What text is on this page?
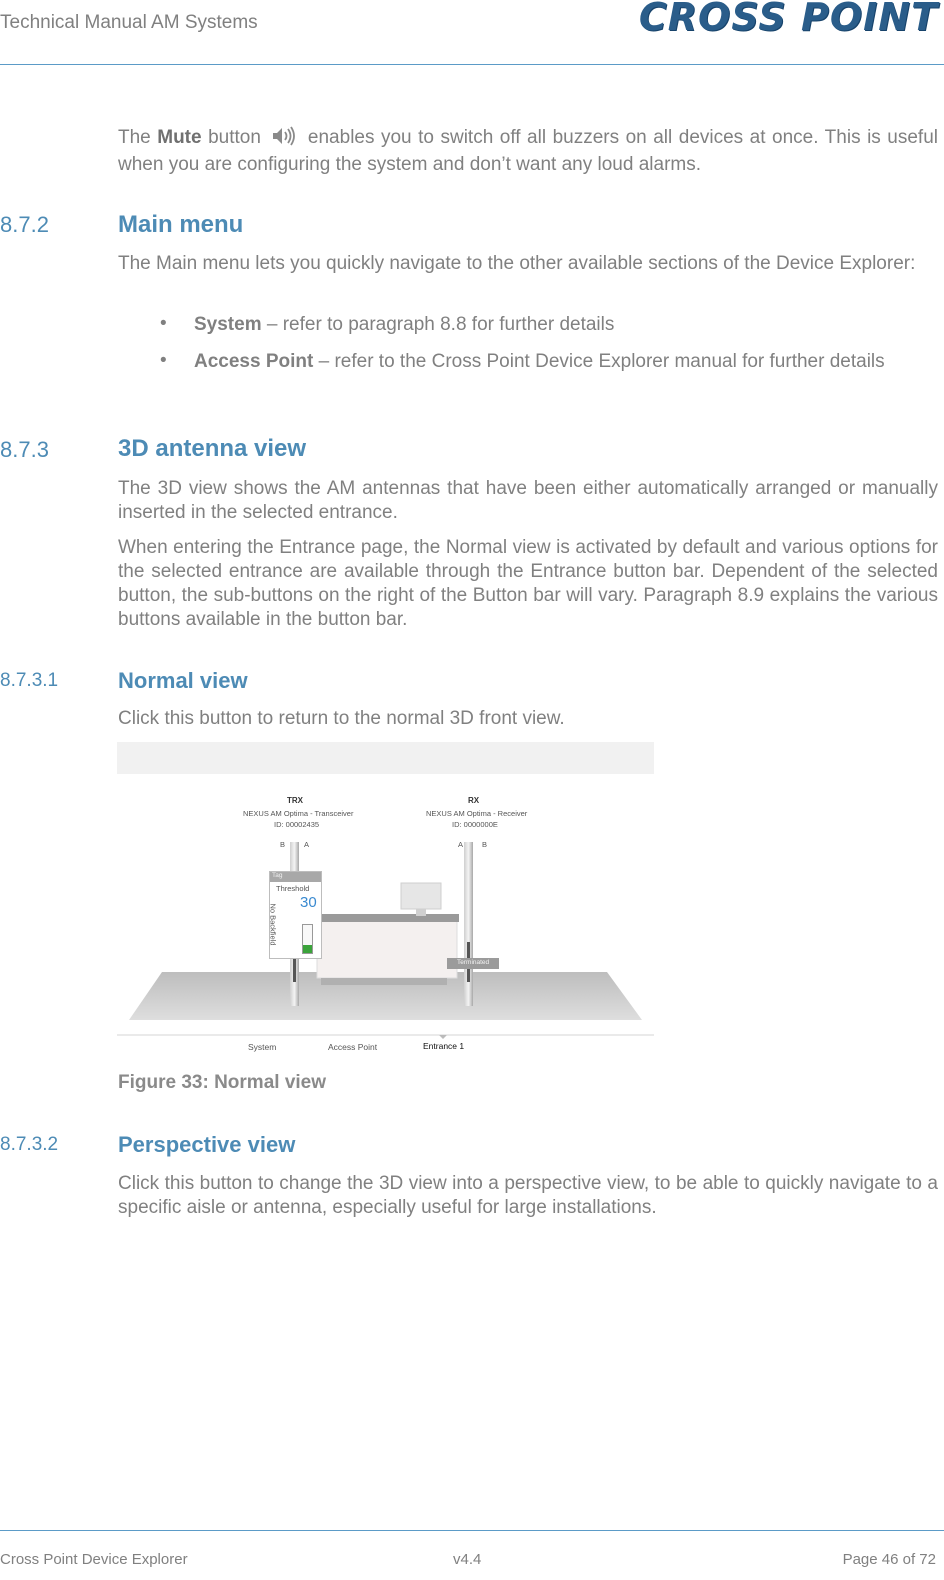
Technical Manual AM Systems	CROSS POINT
The Mute button  enables you to switch off all buzzers on all devices at once. This is useful when you are configuring the system and don’t want any loud alarms.
8.7.2	Main menu
The Main menu lets you quickly navigate to the other available sections of the Device Explorer:
• System – refer to paragraph 8.8 for further details
• Access Point – refer to the Cross Point Device Explorer manual for further details
8.7.3	3D antenna view
The 3D view shows the AM antennas that have been either automatically arranged or manually inserted in the selected entrance.
When entering the Entrance page, the Normal view is activated by default and various options for the selected entrance are available through the Entrance button bar. Dependent of the selected button, the sub-buttons on the right of the Button bar will vary. Paragraph 8.9 explains the various buttons available in the button bar.
8.7.3.1	Normal view
Click this button to return to the normal 3D front view.
TRX
NEXUS AM Optima - Transceiver
ID: 00002435
RX
NEXUS AM Optima - Receiver
ID: 0000000E
B	A	A	B
Tag
Threshold
30
No Backfield
Terminated
System	Access Point	Entrance 1
Figure 33: Normal view
8.7.3.2	Perspective view
Click this button to change the 3D view into a perspective view, to be able to quickly navigate to a specific aisle or antenna, especially useful for large installations.
Cross Point Device Explorer	v4.4	Page 46 of 72
